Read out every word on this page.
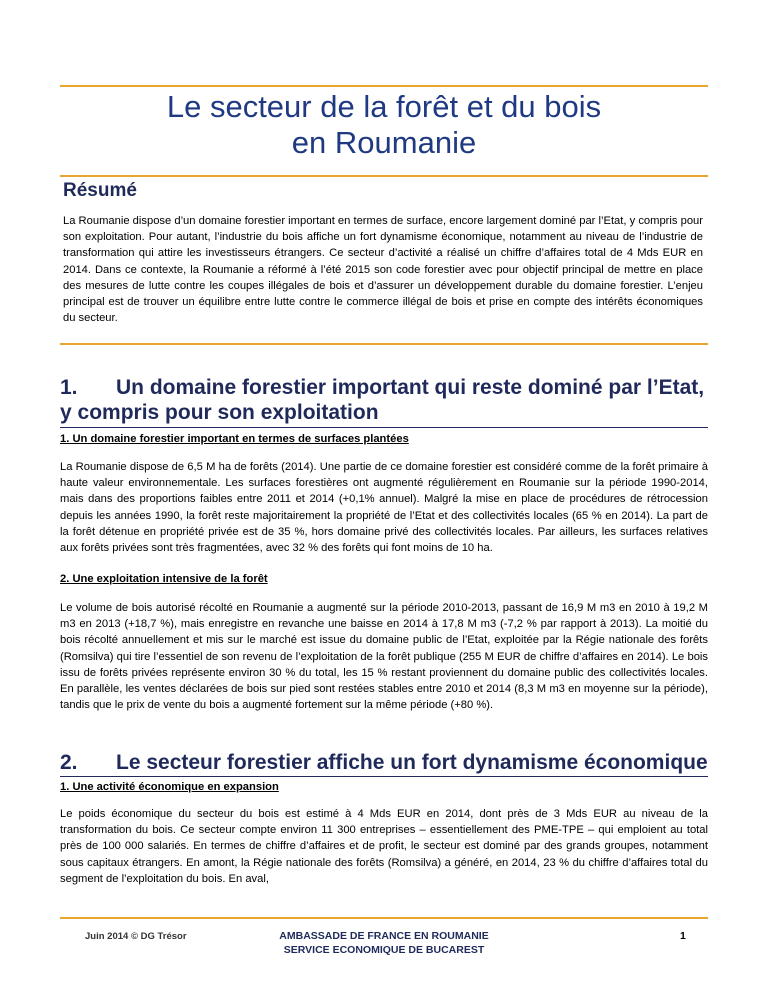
Le secteur de la forêt et du bois
en Roumanie
Résumé
La Roumanie dispose d’un domaine forestier important en termes de surface, encore largement dominé par l’Etat, y compris pour son exploitation. Pour autant, l’industrie du bois affiche un fort dynamisme économique, notamment au niveau de l’industrie de transformation qui attire les investisseurs étrangers. Ce secteur d’activité a réalisé un chiffre d’affaires total de 4 Mds EUR en 2014. Dans ce contexte, la Roumanie a réformé à l’été 2015 son code forestier avec pour objectif principal de mettre en place des mesures de lutte contre les coupes illégales de bois et d’assurer un développement durable du domaine forestier. L’enjeu principal est de trouver un équilibre entre lutte contre le commerce illégal de bois et prise en compte des intérêts économiques du secteur.
1. Un domaine forestier important qui reste dominé par l’Etat,
y compris pour son exploitation
1. Un domaine forestier important en termes de surfaces plantées
La Roumanie dispose de 6,5 M ha de forêts (2014). Une partie de ce domaine forestier est considéré comme de la forêt primaire à haute valeur environnementale. Les surfaces forestières ont augmenté régulièrement en Roumanie sur la période 1990-2014, mais dans des proportions faibles entre 2011 et 2014 (+0,1% annuel). Malgré la mise en place de procédures de rétrocession depuis les années 1990, la forêt reste majoritairement la propriété de l’Etat et des collectivités locales (65 % en 2014). La part de la forêt détenue en propriété privée est de 35 %, hors domaine privé des collectivités locales. Par ailleurs, les surfaces relatives aux forêts privées sont très fragmentées, avec 32 % des forêts qui font moins de 10 ha.
2. Une exploitation intensive de la forêt
Le volume de bois autorisé récolté en Roumanie a augmenté sur la période 2010-2013, passant de 16,9 M m3 en 2010 à 19,2 M m3 en 2013 (+18,7 %), mais enregistre en revanche une baisse en 2014 à 17,8 M m3 (-7,2 % par rapport à 2013). La moitié du bois récolté annuellement et mis sur le marché est issue du domaine public de l’Etat, exploitée par la Régie nationale des forêts (Romsilva) qui tire l’essentiel de son revenu de l’exploitation de la forêt publique (255 M EUR de chiffre d’affaires en 2014). Le bois issu de forêts privées représente environ 30 % du total, les 15 % restant proviennent du domaine public des collectivités locales. En parallèle, les ventes déclarées de bois sur pied sont restées stables entre 2010 et 2014 (8,3 M m3 en moyenne sur la période), tandis que le prix de vente du bois a augmenté fortement sur la même période (+80 %).
2. Le secteur forestier affiche un fort dynamisme économique
1. Une activité économique en expansion
Le poids économique du secteur du bois est estimé à 4 Mds EUR en 2014, dont près de 3 Mds EUR au niveau de la transformation du bois. Ce secteur compte environ 11 300 entreprises – essentiellement des PME-TPE – qui emploient au total près de 100 000 salariés. En termes de chiffre d’affaires et de profit, le secteur est dominé par des grands groupes, notamment sous capitaux étrangers. En amont, la Régie nationale des forêts (Romsilva) a généré, en 2014, 23 % du chiffre d’affaires total du segment de l’exploitation du bois. En aval,
Juin 2014 © DG Trésor	AMBASSADE DE FRANCE EN ROUMANIE
SERVICE ECONOMIQUE DE BUCAREST
1
